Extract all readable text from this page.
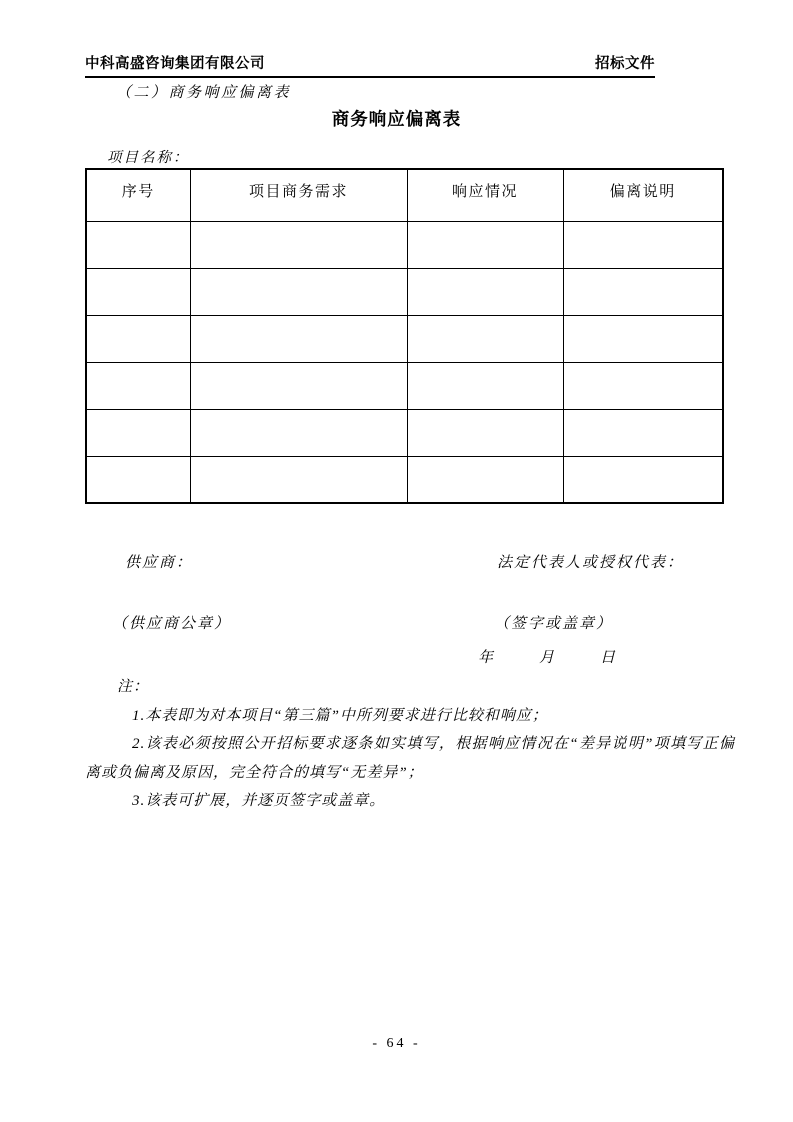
中科高盛咨询集团有限公司	招标文件
（二）商务响应偏离表
商务响应偏离表
项目名称：
序号	项目商务需求	响应情况	偏离说明

供应商：	法定代表人或授权代表：
（供应商公章）	（签字或盖章）
年	月	日
注：

1.本表即为对本项目“第三篇”中所列要求进行比较和响应；

2.该表必须按照公开招标要求逐条如实填写，根据响应情况在“差异说明”项填写正偏离或负偏离及原因，完全符合的填写“无差异”；

3.该表可扩展，并逐页签字或盖章。

- 64 -
